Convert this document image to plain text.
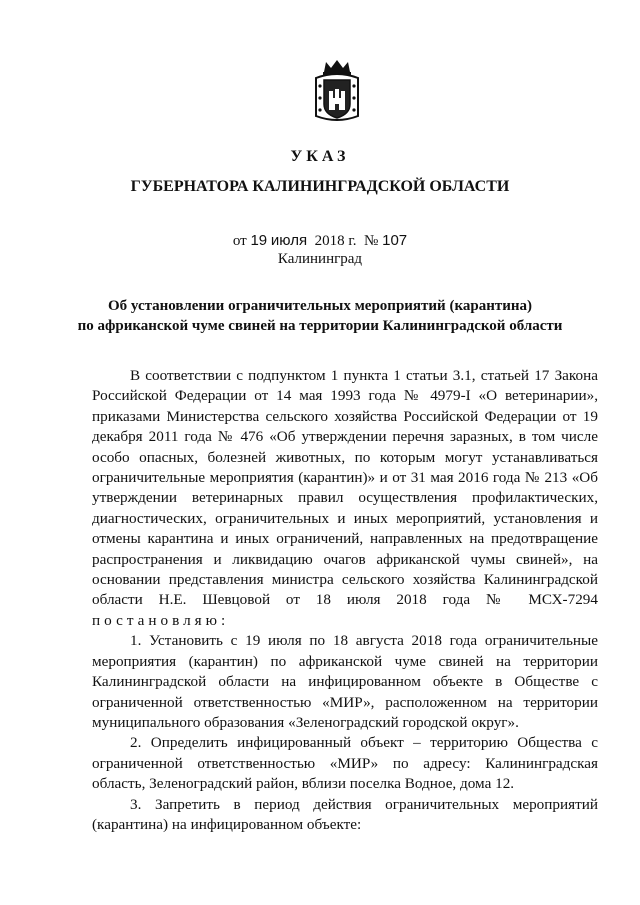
УКАЗ
ГУБЕРНАТОРА КАЛИНИНГРАДСКОЙ ОБЛАСТИ
от 19 июля 2018 г. № 107
Калининград
Об установлении ограничительных мероприятий (карантина)
по африканской чуме свиней на территории Калининградской области

В соответствии с подпунктом 1 пункта 1 статьи 3.1, статьей 17 Закона Российской Федерации от 14 мая 1993 года № 4979-I «О ветеринарии», приказами Министерства сельского хозяйства Российской Федерации от 19 декабря 2011 года № 476 «Об утверждении перечня заразных, в том числе особо опасных, болезней животных, по которым могут устанавливаться ограничительные мероприятия (карантин)» и от 31 мая 2016 года № 213 «Об утверждении ветеринарных правил осуществления профилактических, диагностических, ограничительных и иных мероприятий, установления и отмены карантина и иных ограничений, направленных на предотвращение распространения и ликвидацию очагов африканской чумы свиней», на основании представления министра сельского хозяйства Калининградской области Н.Е. Шевцовой от 18 июля 2018 года № МСХ-7294 постановляю:

1. Установить с 19 июля по 18 августа 2018 года ограничительные мероприятия (карантин) по африканской чуме свиней на территории Калининградской области на инфицированном объекте в Обществе с ограниченной ответственностью «МИР», расположенном на территории муниципального образования «Зеленоградский городской округ».

2. Определить инфицированный объект – территорию Общества с ограниченной ответственностью «МИР» по адресу: Калининградская область, Зеленоградский район, вблизи поселка Водное, дома 12.

3. Запретить в период действия ограничительных мероприятий (карантина) на инфицированном объекте:
